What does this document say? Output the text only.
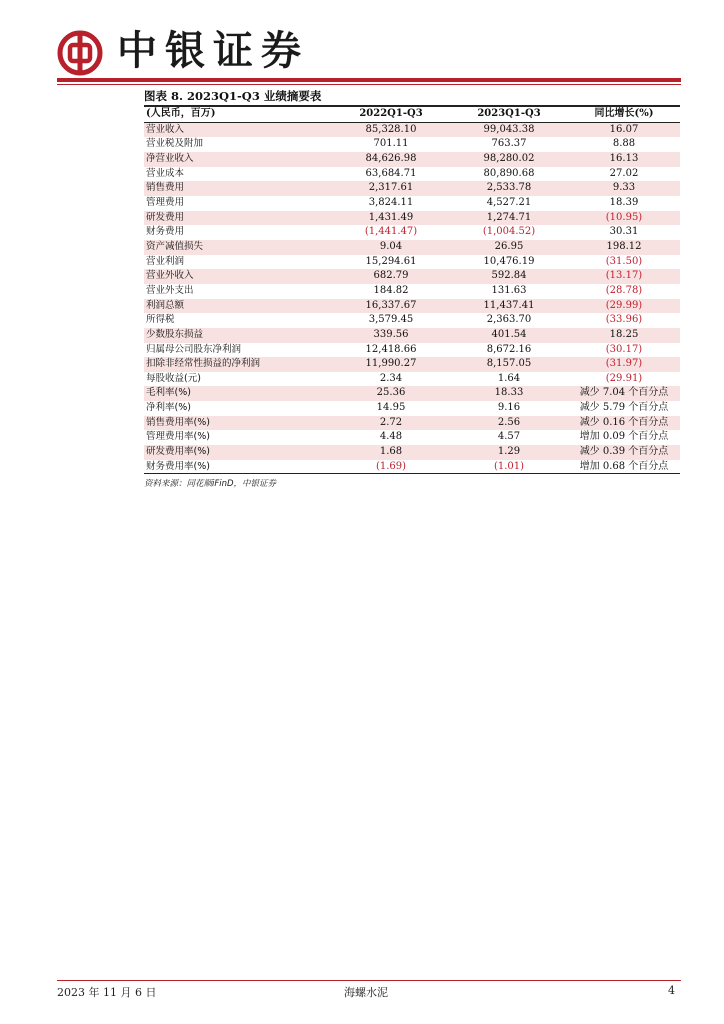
中银证券
图表 8. 2023Q1-Q3 业绩摘要表
(人民币，百万)	2022Q1-Q3	2023Q1-Q3	同比增长(%)
营业收入	85,328.10	99,043.38	16.07
营业税及附加	701.11	763.37	8.88
净营业收入	84,626.98	98,280.02	16.13
营业成本	63,684.71	80,890.68	27.02
销售费用	2,317.61	2,533.78	9.33
管理费用	3,824.11	4,527.21	18.39
研发费用	1,431.49	1,274.71	(10.95)
财务费用	(1,441.47)	(1,004.52)	30.31
资产减值损失	9.04	26.95	198.12
营业利润	15,294.61	10,476.19	(31.50)
营业外收入	682.79	592.84	(13.17)
营业外支出	184.82	131.63	(28.78)
利润总额	16,337.67	11,437.41	(29.99)
所得税	3,579.45	2,363.70	(33.96)
少数股东损益	339.56	401.54	18.25
归属母公司股东净利润	12,418.66	8,672.16	(30.17)
扣除非经常性损益的净利润	11,990.27	8,157.05	(31.97)
每股收益(元)	2.34	1.64	(29.91)
毛利率(%)	25.36	18.33	减少 7.04 个百分点
净利率(%)	14.95	9.16	减少 5.79 个百分点
销售费用率(%)	2.72	2.56	减少 0.16 个百分点
管理费用率(%)	4.48	4.57	增加 0.09 个百分点
研发费用率(%)	1.68	1.29	减少 0.39 个百分点
财务费用率(%)	(1.69)	(1.01)	增加 0.68 个百分点
资料来源：同花顺iFinD，中银证券
2023 年 11 月 6 日	海螺水泥	4
